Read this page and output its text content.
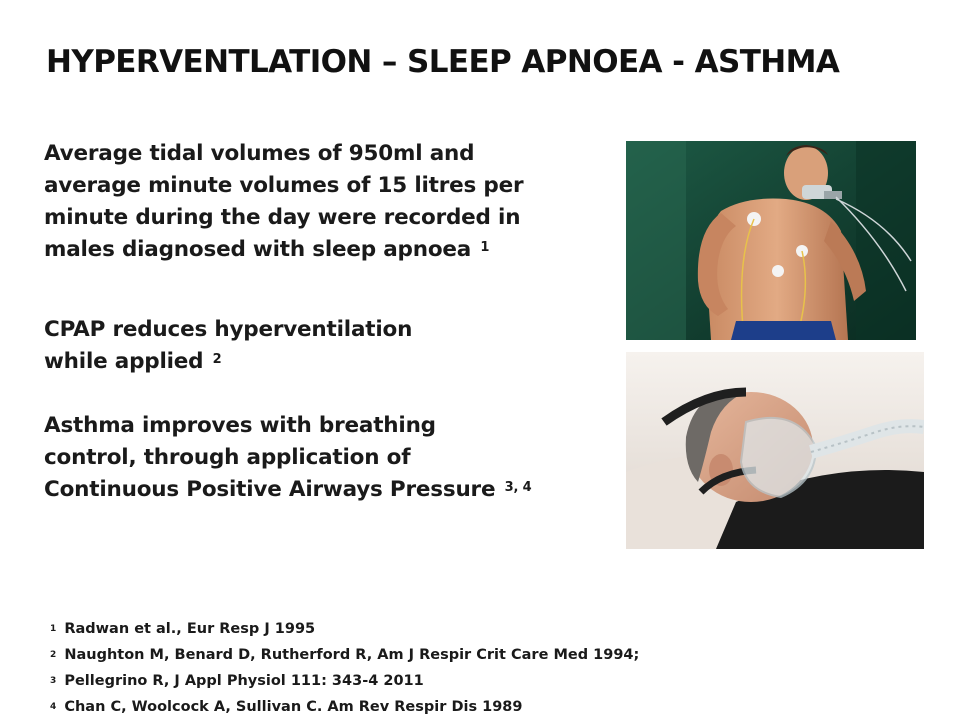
HYPERVENTLATION – SLEEP APNOEA - ASTHMA
Average tidal volumes of 950ml and
average minute volumes of 15 litres per
minute during the day were recorded in
males diagnosed with sleep apnoea $^1$
CPAP reduces hyperventilation
while applied $^2$
Asthma improves with breathing
control, through application of
Continuous Positive Airways Pressure $^{3, 4}$
$^1$ Radwan et al., Eur Resp J 1995
$^2$ Naughton M, Benard D, Rutherford R, Am J Respir Crit Care Med 1994;
$^3$ Pellegrino R, J Appl Physiol 111: 343-4 2011
$^4$ Chan C, Woolcock A, Sullivan C. Am Rev Respir Dis 1989
